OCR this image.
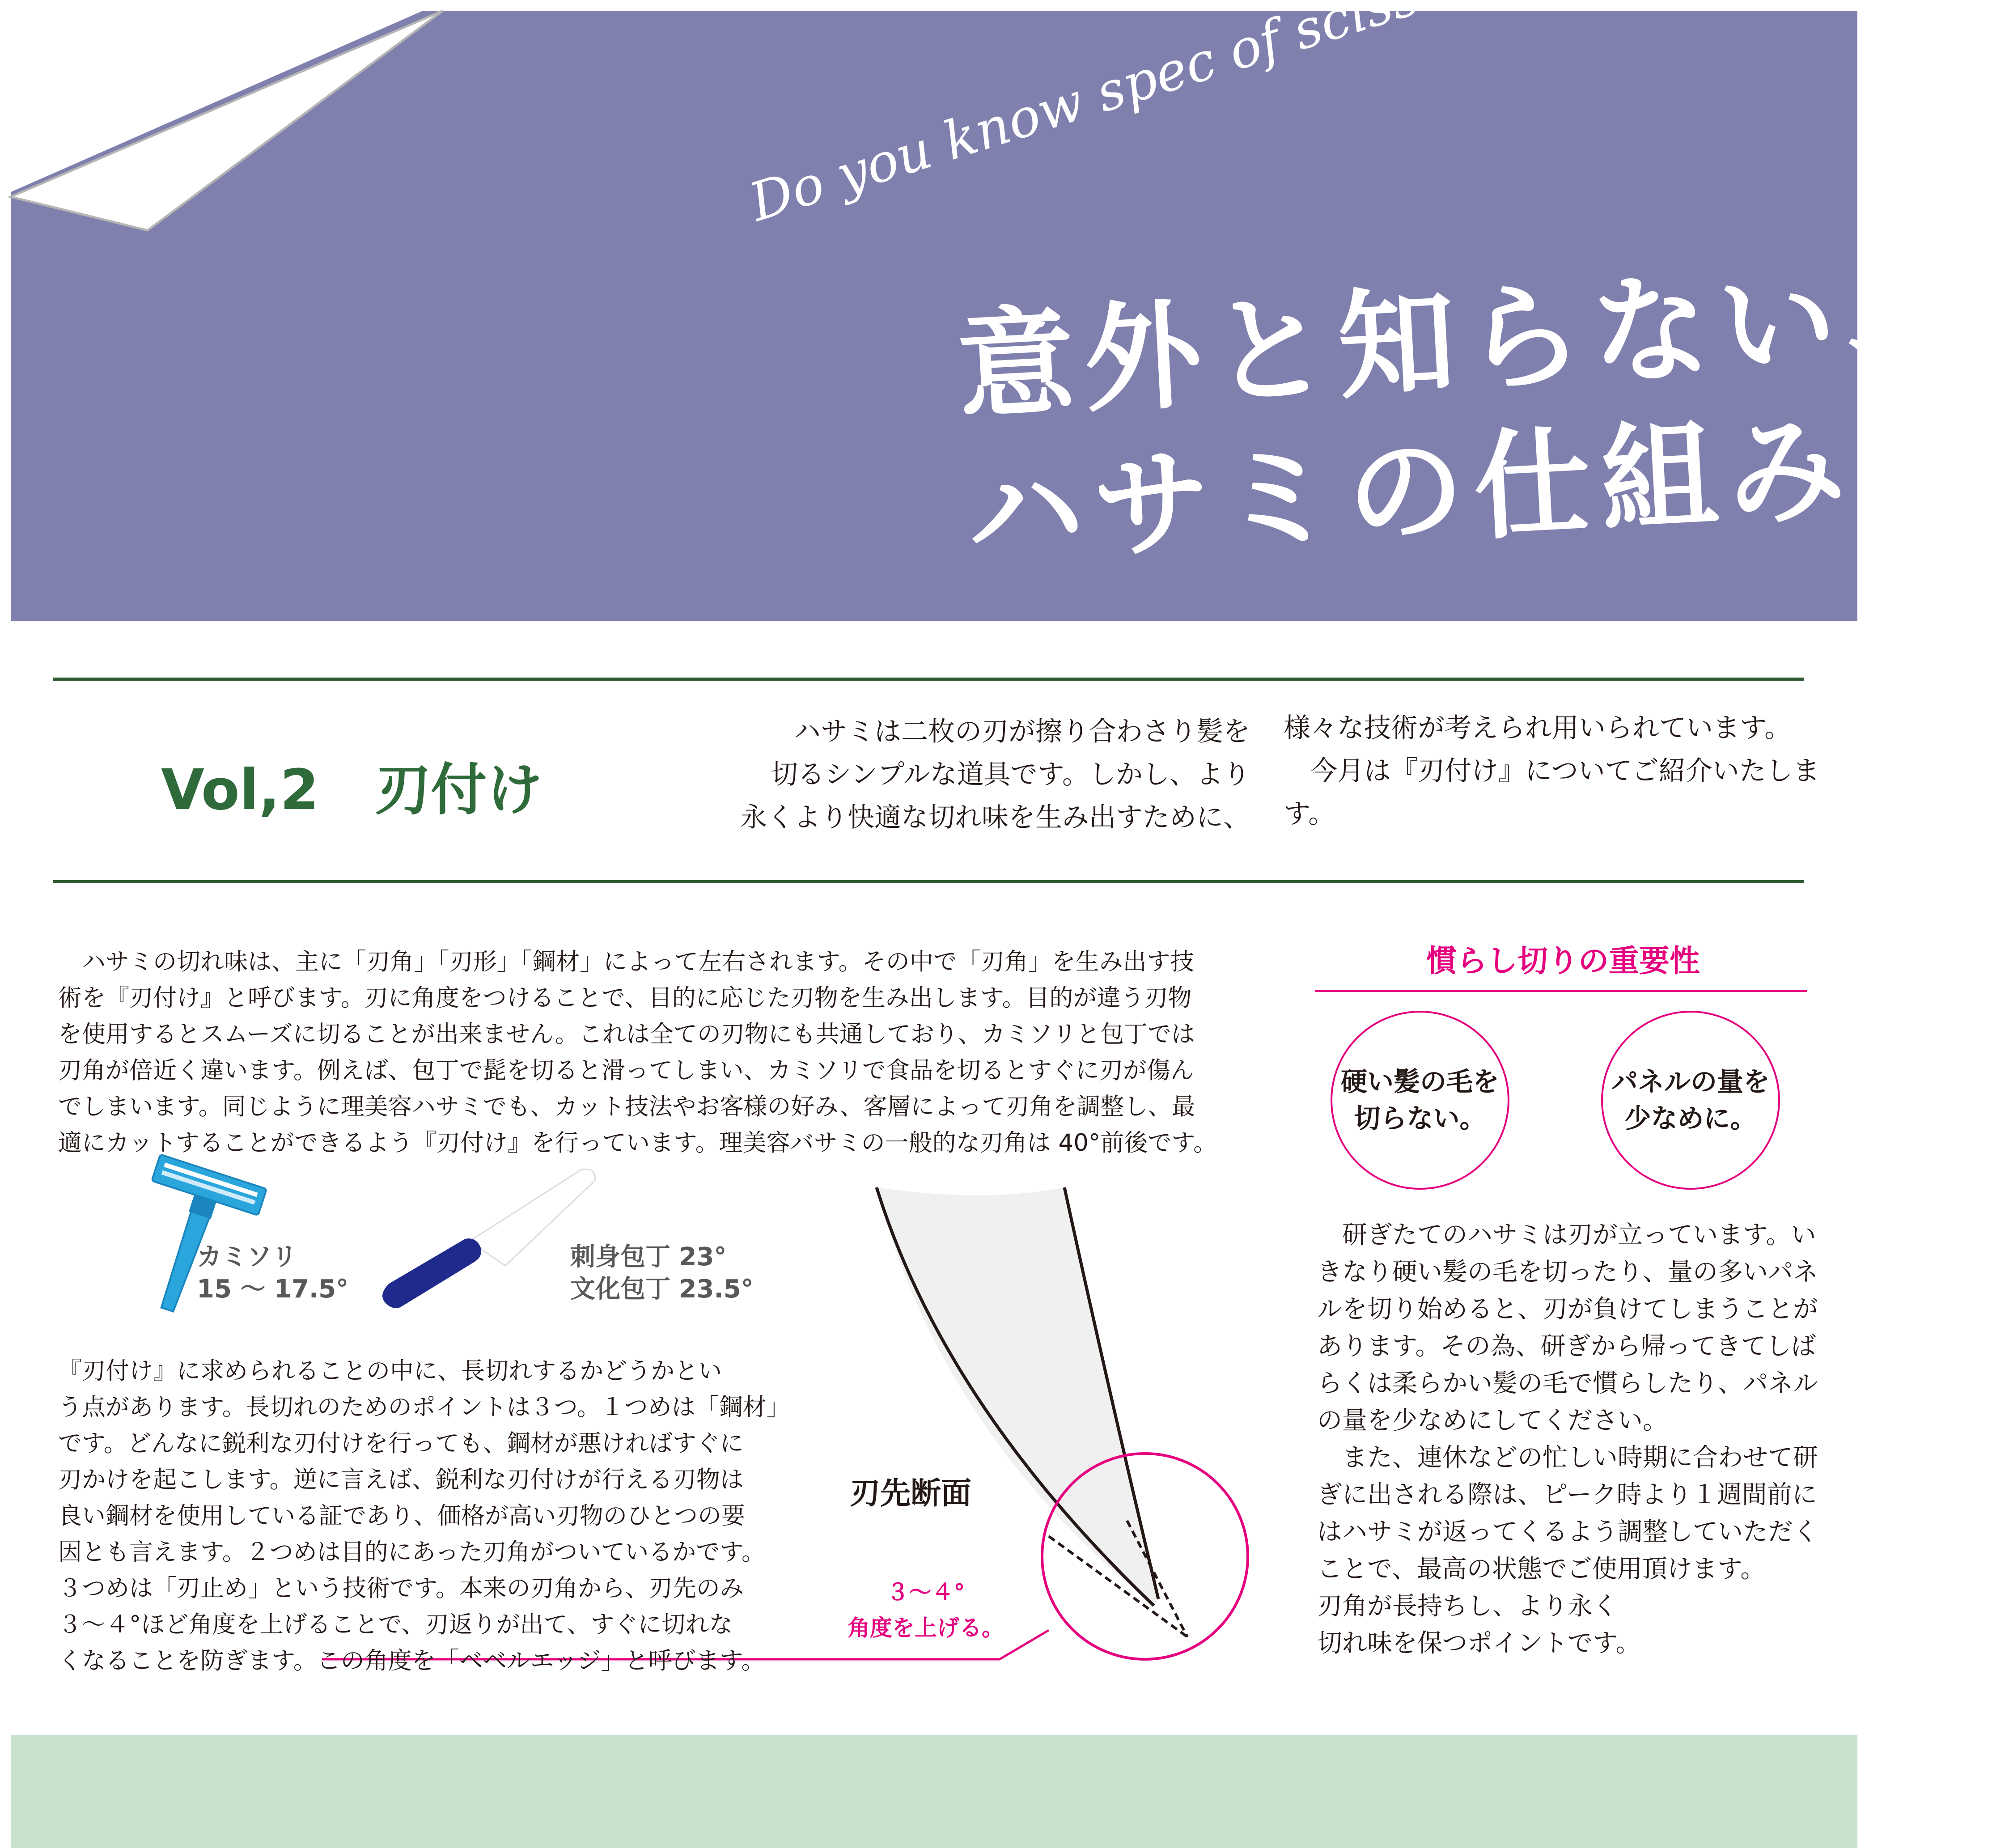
意外と知らない、
ハサミの仕組み。
Vol,2　刃付け
ハサミは二枚の刃が擦り合わさり髪を
切るシンプルな道具です。しかし、より
永くより快適な切れ味を生み出すために、
様々な技術が考えられ用いられています。
　今月は『刃付け』についてご紹介いたしま
す。
　ハサミの切れ味は、主に「刃角」「刃形」「鋼材」によって左右されます。その中で「刃角」を生み出す技
術を『刃付け』と呼びます。刃に角度をつけることで、目的に応じた刃物を生み出します。目的が違う刃物
を使用するとスムーズに切ることが出来ません。これは全ての刃物にも共通しており、カミソリと包丁では
刃角が倍近く違います。例えば、包丁で髭を切ると滑ってしまい、カミソリで食品を切るとすぐに刃が傷ん
でしまいます。同じように理美容ハサミでも、カット技法やお客様の好み、客層によって刃角を調整し、最
適にカットすることができるよう『刃付け』を行っています。理美容バサミの一般的な刃角は 40°前後です。
カミソリ
15 ～ 17.5°
刺身包丁 23°
文化包丁 23.5°
刃先断面
３～４°
角度を上げる。
『刃付け』に求められることの中に、長切れするかどうかとい
う点があります。長切れのためのポイントは３つ。１つめは「鋼材」
です。どんなに鋭利な刃付けを行っても、鋼材が悪ければすぐに
刃かけを起こします。逆に言えば、鋭利な刃付けが行える刃物は
良い鋼材を使用している証であり、価格が高い刃物のひとつの要
因とも言えます。２つめは目的にあった刃角がついているかです。
３つめは「刃止め」という技術です。本来の刃角から、刃先のみ
３～４°ほど角度を上げることで、刃返りが出て、すぐに切れな
くなることを防ぎます。この角度を「ベベルエッジ」と呼びます。
慣らし切りの重要性
硬い髪の毛を
切らない。
パネルの量を
少なめに。
　研ぎたてのハサミは刃が立っています。い
きなり硬い髪の毛を切ったり、量の多いパネ
ルを切り始めると、刃が負けてしまうことが
あります。その為、研ぎから帰ってきてしば
らくは柔らかい髪の毛で慣らしたり、パネル
の量を少なめにしてください。
　また、連休などの忙しい時期に合わせて研
ぎに出される際は、ピーク時より１週間前に
はハサミが返ってくるよう調整していただく
ことで、最高の状態でご使用頂けます。
刃角が長持ちし、より永く
切れ味を保つポイントです。
